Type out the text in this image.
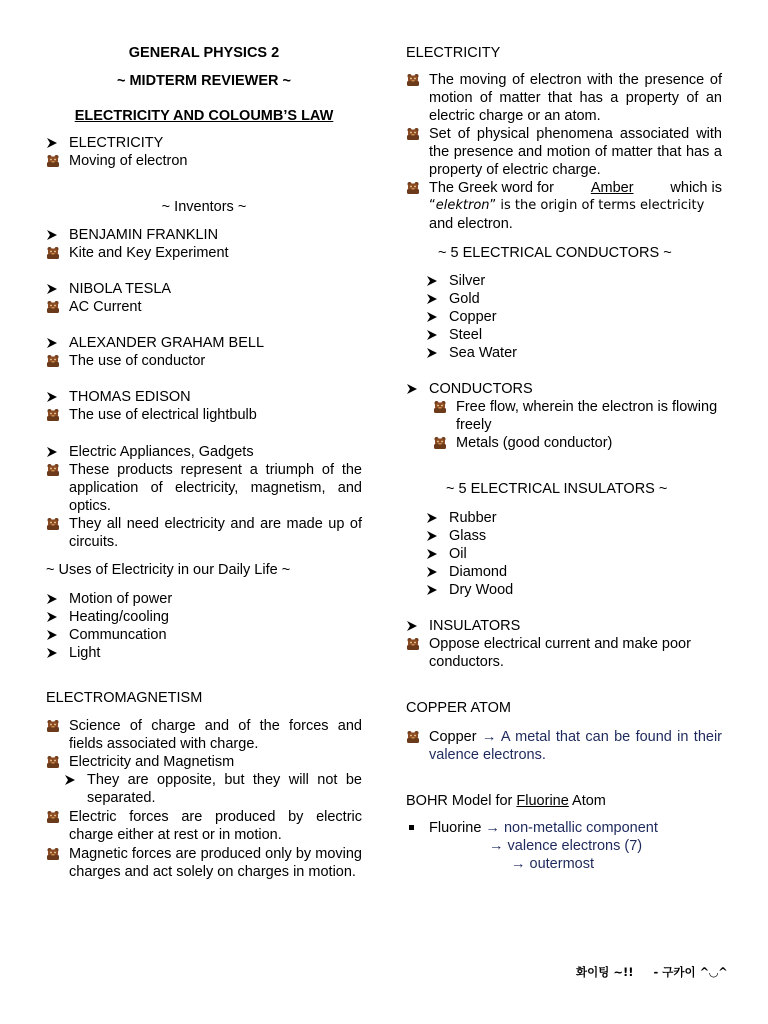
GENERAL PHYSICS 2
~ MIDTERM REVIEWER ~
ELECTRICITY AND COLOUMB’S LAW
ELECTRICITY
Moving of electron
~ Inventors ~
BENJAMIN FRANKLIN
Kite and Key Experiment
NIBOLA TESLA
AC Current
ALEXANDER GRAHAM BELL
The use of conductor
THOMAS EDISON
The use of electrical lightbulb
Electric Appliances, Gadgets
These products represent a triumph of the application of electricity, magnetism, and optics.
They all need electricity and are made up of circuits.
~ Uses of Electricity in our Daily Life ~
Motion of power
Heating/cooling
Communcation
Light
ELECTROMAGNETISM
Science of charge and of the forces and fields associated with charge.
Electricity and Magnetism
They are opposite, but they will not be separated.
Electric forces are produced by electric charge either at rest or in motion.
Magnetic forces are produced only by moving charges and act solely on charges in motion.
ELECTRICITY
The moving of electron with the presence of motion of matter that has a property of an electric charge or an atom.
Set of physical phenomena associated with the presence and motion of matter that has a property of electric charge.
The Greek word for	Amber	which is
“elektron” is the origin of terms electricity
and electron.
~ 5 ELECTRICAL CONDUCTORS ~
Silver
Gold
Copper
Steel
Sea Water
CONDUCTORS
Free flow, wherein the electron is flowing freely
Metals (good conductor)
~ 5 ELECTRICAL INSULATORS ~
Rubber
Glass
Oil
Diamond
Dry Wood
INSULATORS
Oppose electrical current and make poor conductors.
COPPER ATOM
Copper → A metal that can be found in their valence electrons.
BOHR Model for Fluorine Atom
Fluorine → non-metallic component
→ valence electrons (7)
→ outermost
화이팅 ~!! - 구카이 ^◡^
